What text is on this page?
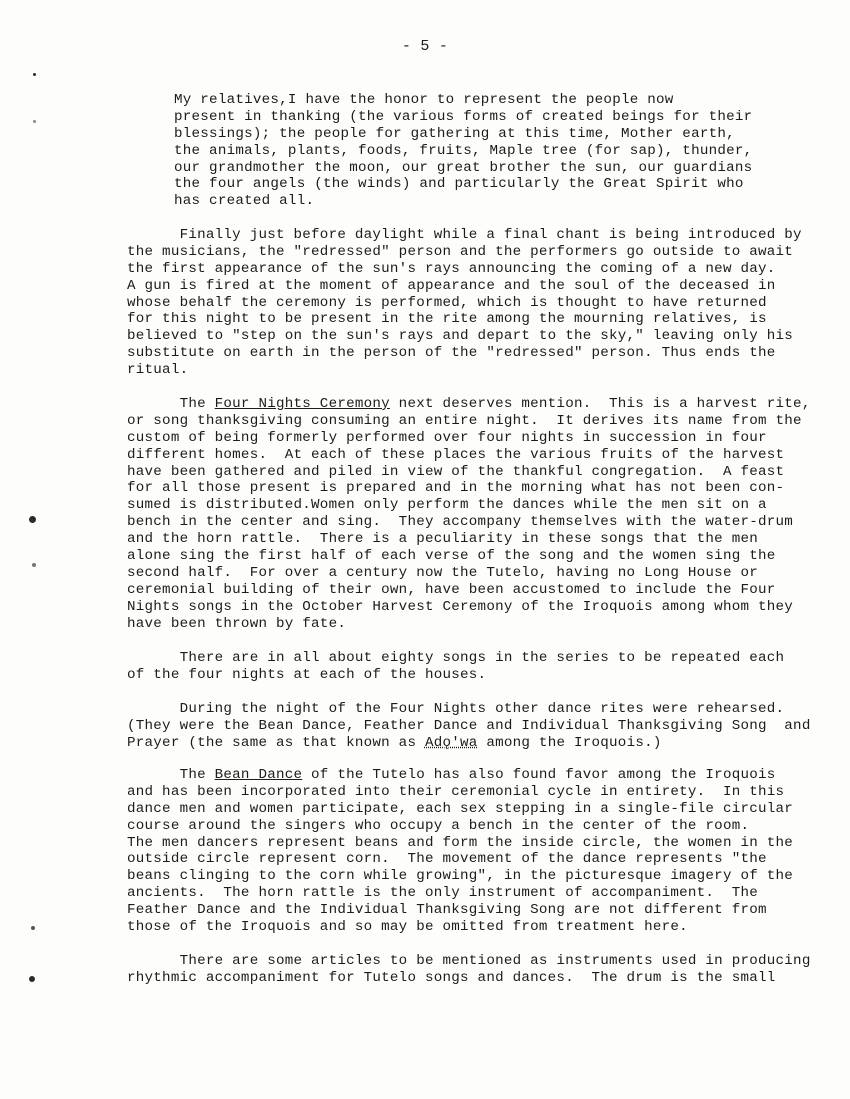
- 5 -
My relatives,I have the honor to represent the people now
present in thanking (the various forms of created beings for their
blessings); the people for gathering at this time, Mother earth,
the animals, plants, foods, fruits, Maple tree (for sap), thunder,
our grandmother the moon, our great brother the sun, our guardians
the four angels (the winds) and particularly the Great Spirit who
has created all.
Finally just before daylight while a final chant is being introduced by
the musicians, the "redressed" person and the performers go outside to await
the first appearance of the sun's rays announcing the coming of a new day.
A gun is fired at the moment of appearance and the soul of the deceased in
whose behalf the ceremony is performed, which is thought to have returned
for this night to be present in the rite among the mourning relatives, is
believed to "step on the sun's rays and depart to the sky," leaving only his
substitute on earth in the person of the "redressed" person. Thus ends the
ritual.
The Four Nights Ceremony next deserves mention.  This is a harvest rite,
or song thanksgiving consuming an entire night.  It derives its name from the
custom of being formerly performed over four nights in succession in four
different homes.  At each of these places the various fruits of the harvest
have been gathered and piled in view of the thankful congregation.  A feast
for all those present is prepared and in the morning what has not been con-
sumed is distributed.Women only perform the dances while the men sit on a
bench in the center and sing.  They accompany themselves with the water-drum
and the horn rattle.  There is a peculiarity in these songs that the men
alone sing the first half of each verse of the song and the women sing the
second half.  For over a century now the Tutelo, having no Long House or
ceremonial building of their own, have been accustomed to include the Four
Nights songs in the October Harvest Ceremony of the Iroquois among whom they
have been thrown by fate.
There are in all about eighty songs in the series to be repeated each
of the four nights at each of the houses.
During the night of the Four Nights other dance rites were rehearsed.
(They were the Bean Dance, Feather Dance and Individual Thanksgiving Song  and
Prayer (the same as that known as Adǫ'wa among the Iroquois.)
The Bean Dance of the Tutelo has also found favor among the Iroquois
and has been incorporated into their ceremonial cycle in entirety.  In this
dance men and women participate, each sex stepping in a single-file circular
course around the singers who occupy a bench in the center of the room.
The men dancers represent beans and form the inside circle, the women in the
outside circle represent corn.  The movement of the dance represents "the
beans clinging to the corn while growing", in the picturesque imagery of the
ancients.  The horn rattle is the only instrument of accompaniment.  The
Feather Dance and the Individual Thanksgiving Song are not different from
those of the Iroquois and so may be omitted from treatment here.
There are some articles to be mentioned as instruments used in producing
rhythmic accompaniment for Tutelo songs and dances.  The drum is the small
